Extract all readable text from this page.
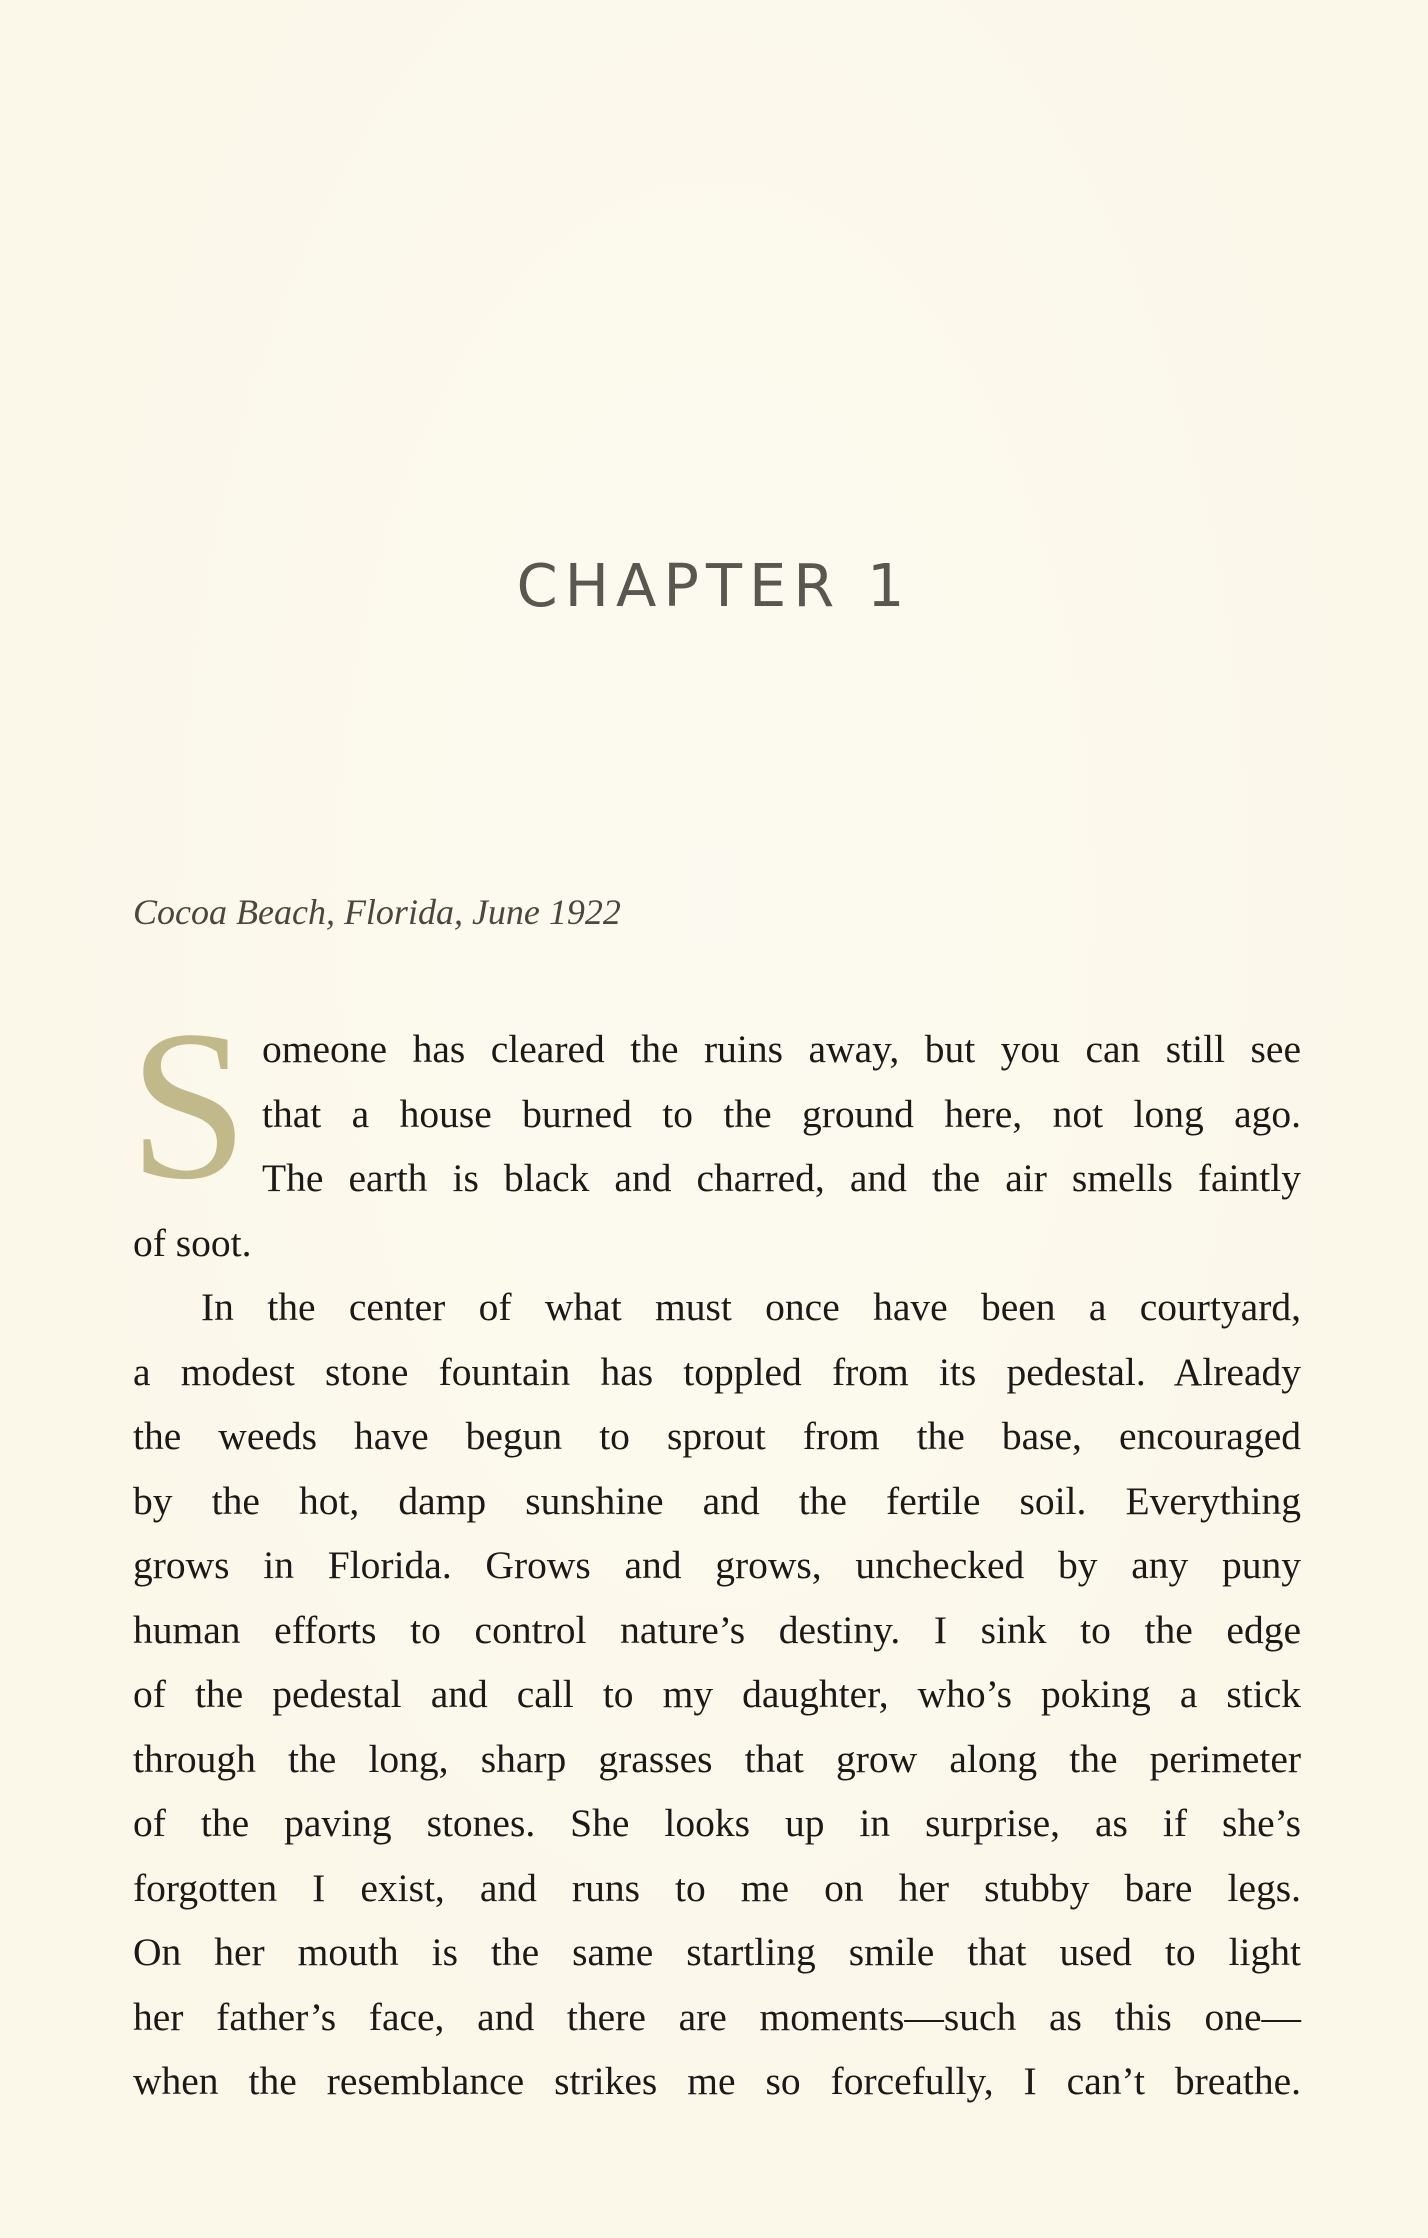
CHAPTER 1
Cocoa Beach, Florida, June 1922

S omeone has cleared the ruins away, but you can still see
that a house burned to the ground here, not long ago.
The earth is black and charred, and the air smells faintly
of soot.

In the center of what must once have been a courtyard,
a modest stone fountain has toppled from its pedestal. Already
the weeds have begun to sprout from the base, encouraged
by the hot, damp sunshine and the fertile soil. Everything
grows in Florida. Grows and grows, unchecked by any puny
human efforts to control nature’s destiny. I sink to the edge
of the pedestal and call to my daughter, who’s poking a stick
through the long, sharp grasses that grow along the perimeter
of the paving stones. She looks up in surprise, as if she’s
forgotten I exist, and runs to me on her stubby bare legs.
On her mouth is the same startling smile that used to light
her father’s face, and there are moments—such as this one—
when the resemblance strikes me so forcefully, I can’t breathe.
